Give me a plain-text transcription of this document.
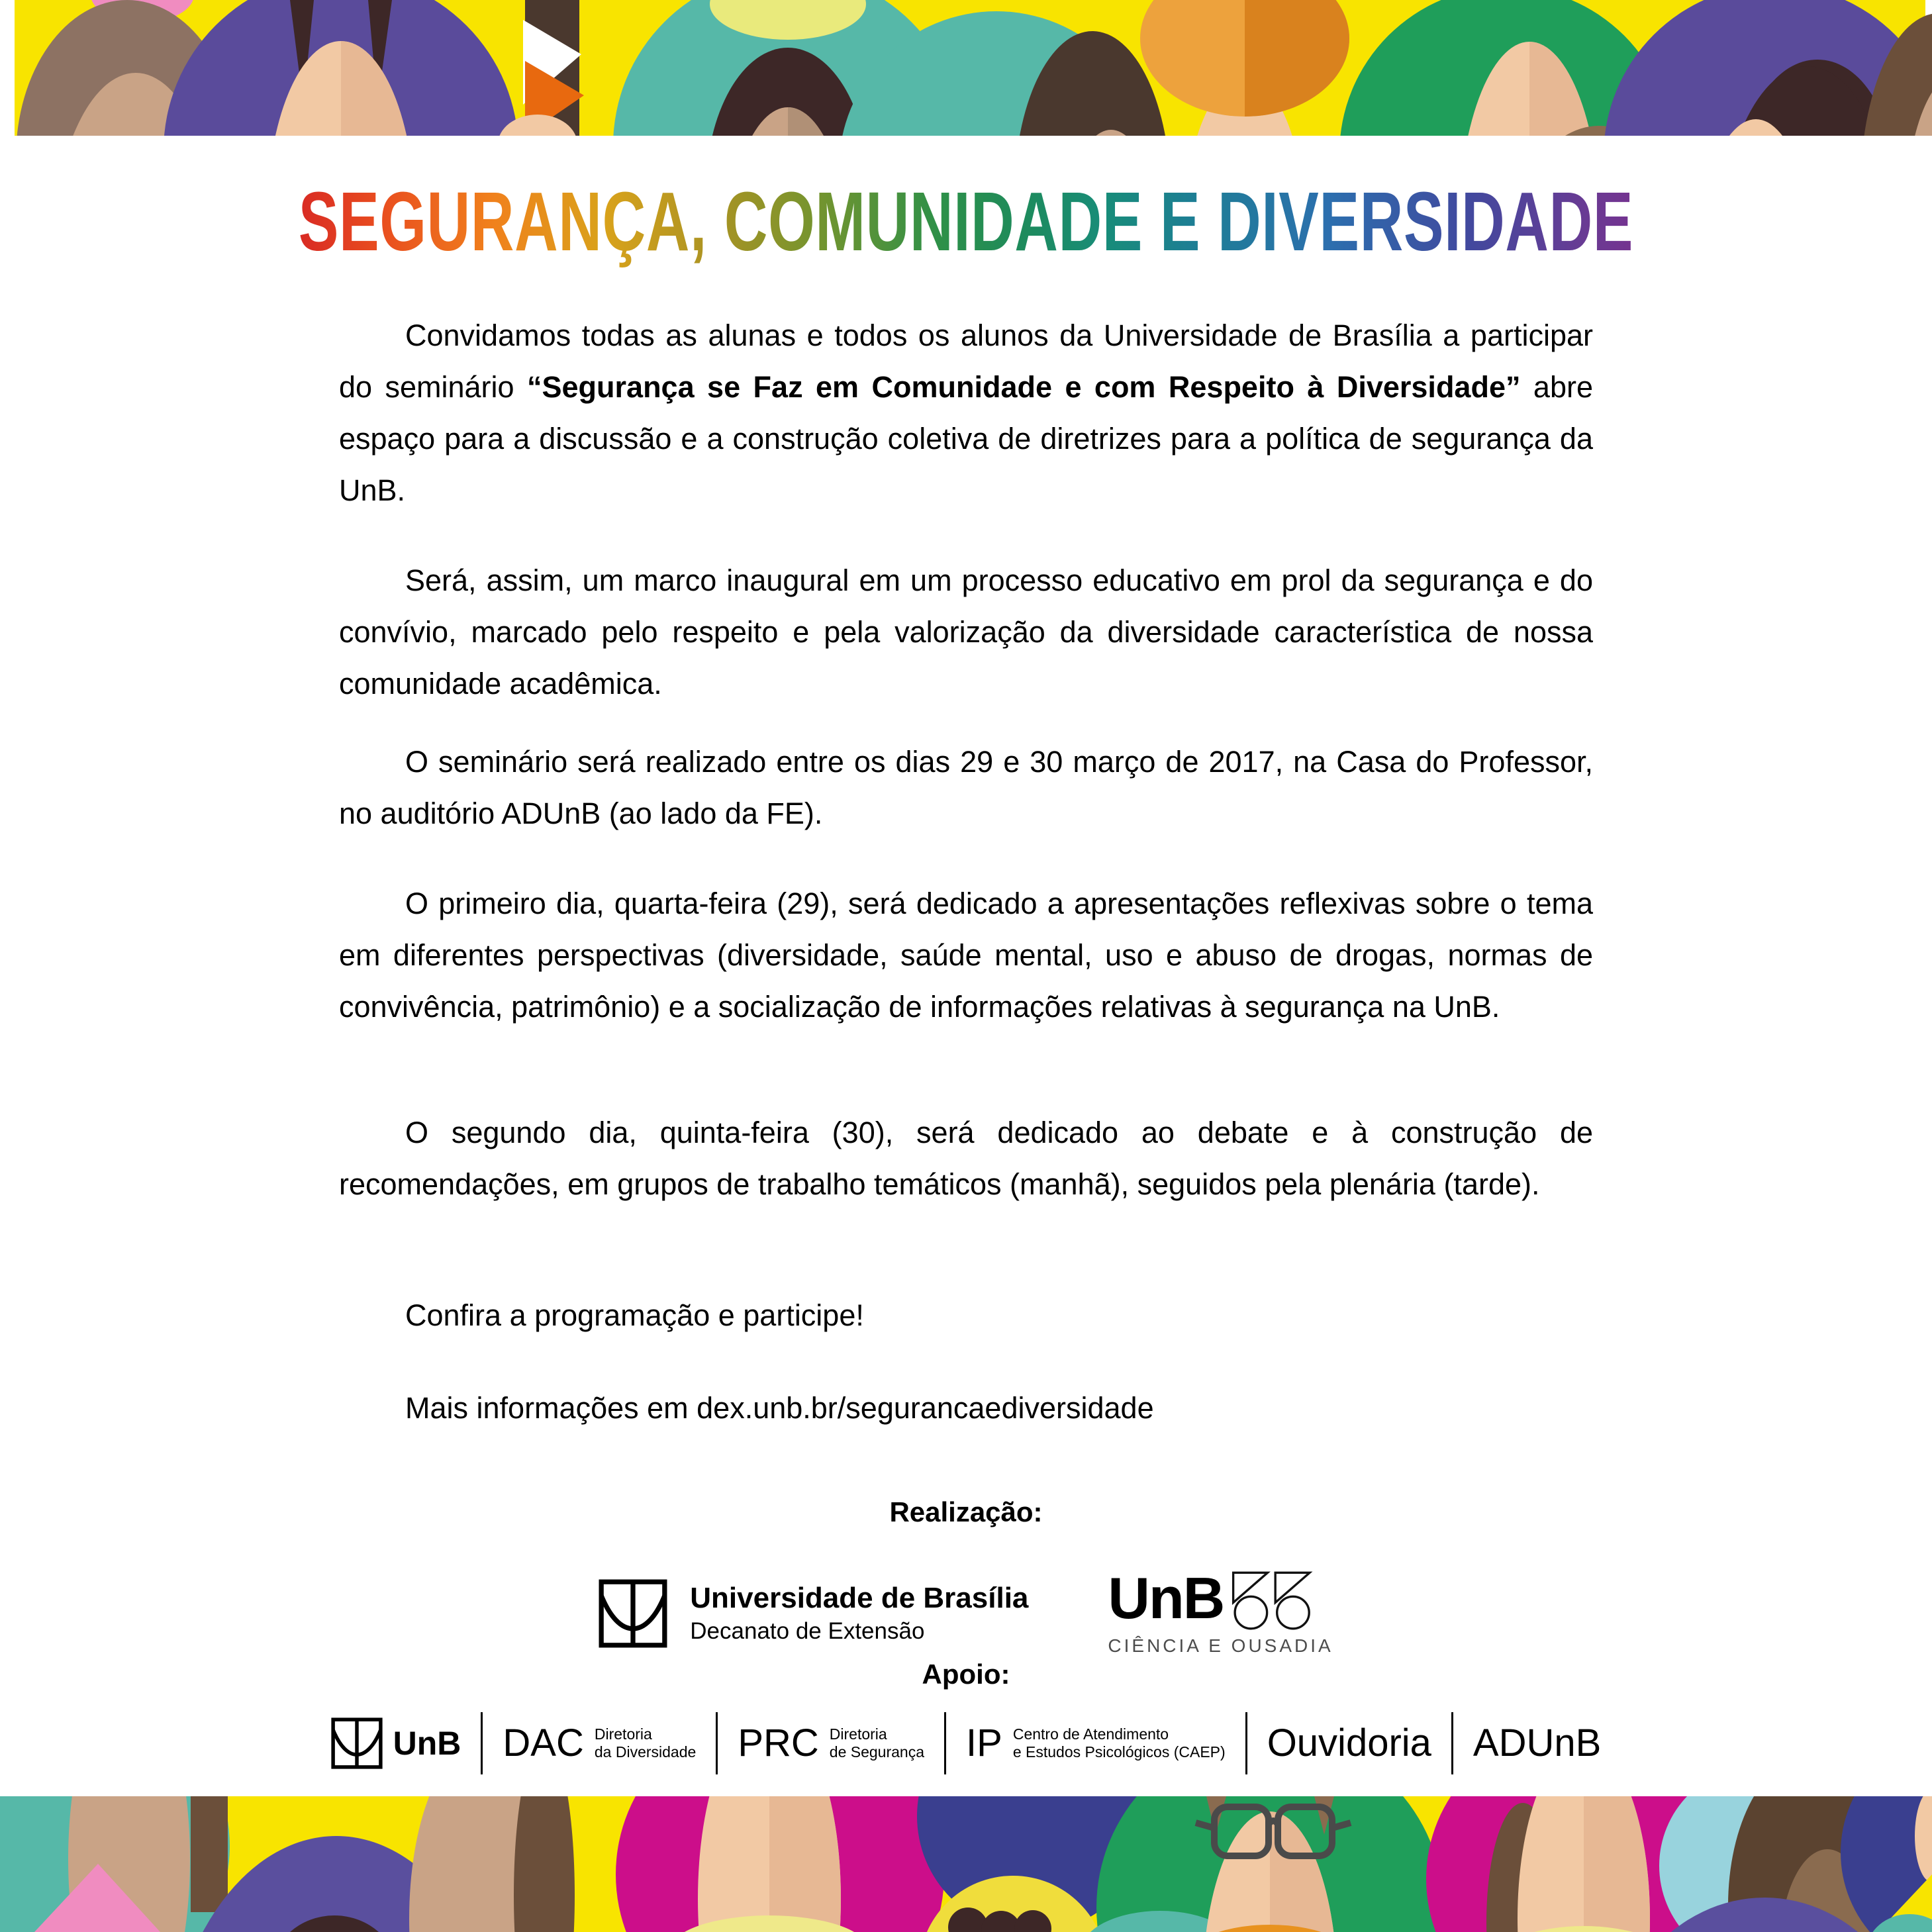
SEGURANÇA, COMUNIDADE E DIVERSIDADE

Convidamos todas as alunas e todos os alunos da Universidade de Brasília a participar do seminário “Segurança se Faz em Comunidade e com Respeito à Diversidade” abre espaço para a discussão e a construção coletiva de diretrizes para a política de segurança da UnB.

Será, assim, um marco inaugural em um processo educativo em prol da segurança e do convívio, marcado pelo respeito e pela valorização da diversidade característica de nossa comunidade acadêmica.

O seminário será realizado entre os dias 29 e 30 março de 2017, na Casa do Professor, no auditório ADUnB (ao lado da FE).

O primeiro dia, quarta-feira (29), será dedicado a apresentações reflexivas sobre o tema em diferentes perspectivas (diversidade, saúde mental, uso e abuso de drogas, normas de convivência, patrimônio) e a socialização de informações relativas à segurança na UnB.

O segundo dia, quinta-feira (30), será dedicado ao debate e à construção de recomendações, em grupos de trabalho temáticos (manhã), seguidos pela plenária (tarde).

Confira a programação e participe!

Mais informações em dex.unb.br/segurancaediversidade

Realização:
Universidade de Brasília
Decanato de Extensão
UnB
CIÊNCIA E OUSADIA
Apoio:
UnB DAC Diretoria
da Diversidade PRC Diretoria
de Segurança IP Centro de Atendimento
e Estudos Psicológicos (CAEP) Ouvidoria ADUnB
